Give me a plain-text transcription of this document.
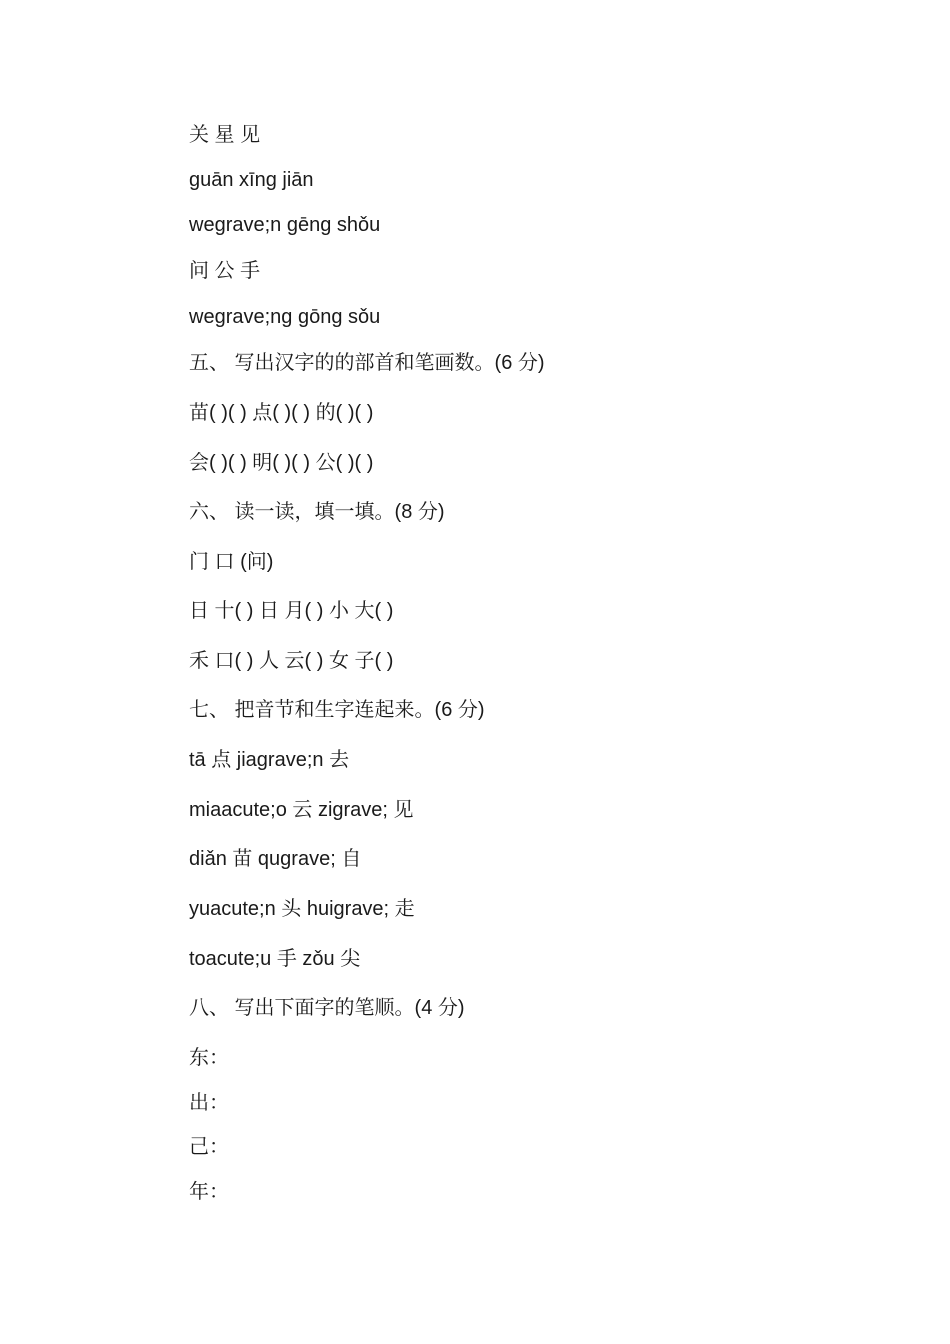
关 星 见
guān xīng jiān
wegrave;n gēng shǒu
问 公 手
wegrave;ng gōng sǒu
五、 写出汉字的的部首和笔画数。(6 分)
苗( )( ) 点( )( ) 的( )( )
会( )( ) 明( )( ) 公( )( )
六、 读一读，填一填。(8 分)
门 口 (问)
日 十( ) 日 月( ) 小 大( )
禾 口( ) 人 云( ) 女 子( )
七、 把音节和生字连起来。(6 分)
tā 点 jiagrave;n 去
miaacute;o 云 zigrave; 见
diǎn 苗 qugrave; 自
yuacute;n 头 huigrave; 走
toacute;u 手 zǒu 尖
八、 写出下面字的笔顺。(4 分)
东：
出：
己：
年：
